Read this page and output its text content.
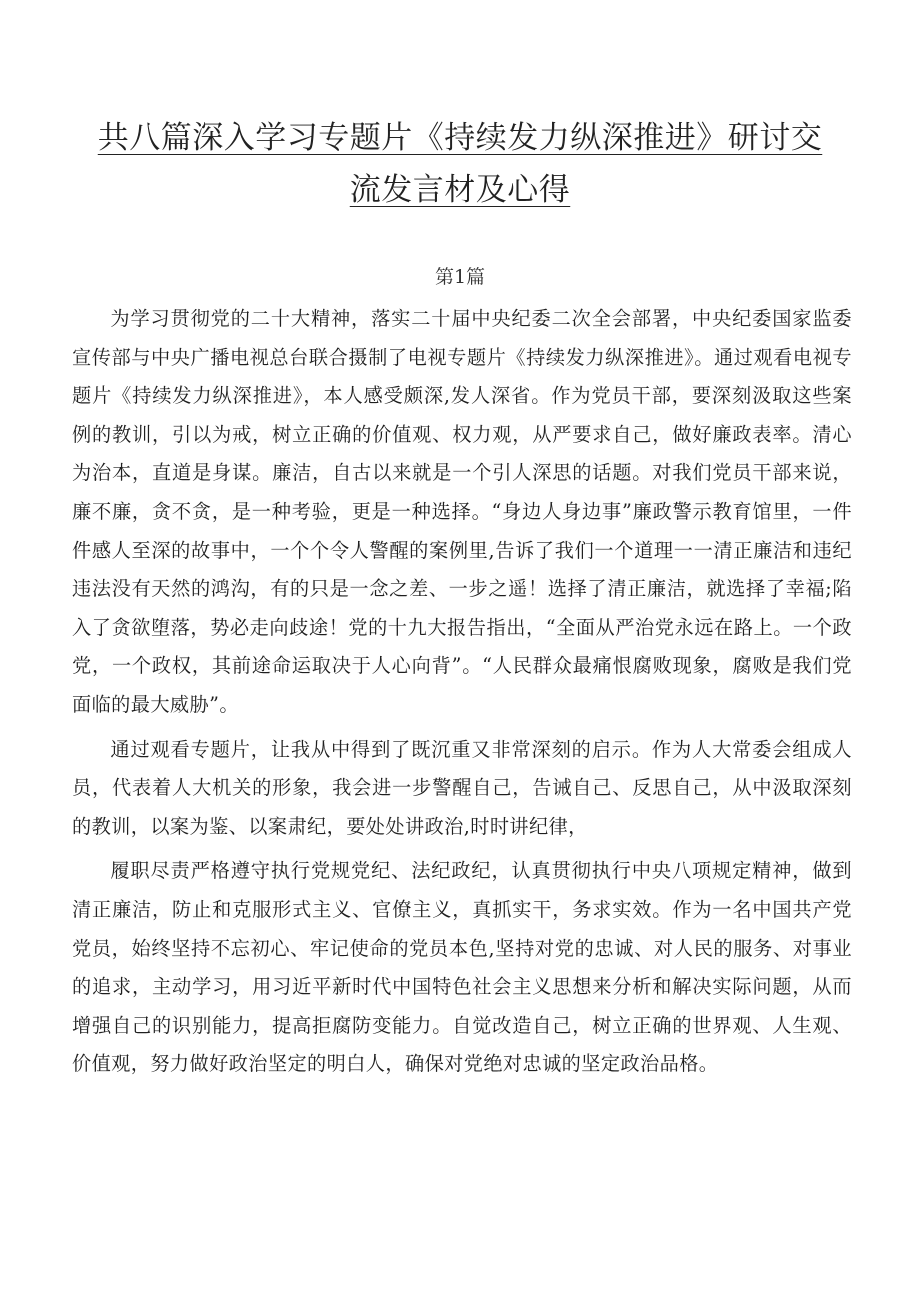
共八篇深入学习专题片《持续发力纵深推进》研讨交
流发言材及心得
第1篇

为学习贯彻党的二十大精神，落实二十届中央纪委二次全会部署，中央纪委国家监委宣传部与中央广播电视总台联合摄制了电视专题片《持续发力纵深推进》。通过观看电视专题片《持续发力纵深推进》，本人感受颇深,发人深省。作为党员干部，要深刻汲取这些案例的教训，引以为戒，树立正确的价值观、权力观，从严要求自己，做好廉政表率。清心为治本，直道是身谋。廉洁，自古以来就是一个引人深思的话题。对我们党员干部来说，廉不廉，贪不贪，是一种考验，更是一种选择。“身边人身边事”廉政警示教育馆里，一件件感人至深的故事中，一个个令人警醒的案例里,告诉了我们一个道理一一清正廉洁和违纪违法没有天然的鸿沟，有的只是一念之差、一步之遥！选择了清正廉洁，就选择了幸福;陷入了贪欲堕落，势必走向歧途！党的十九大报告指出，“全面从严治党永远在路上。一个政党，一个政权，其前途命运取决于人心向背”。“人民群众最痛恨腐败现象，腐败是我们党面临的最大威胁”。

通过观看专题片，让我从中得到了既沉重又非常深刻的启示。作为人大常委会组成人员，代表着人大机关的形象，我会进一步警醒自己，告诫自己、反思自己，从中汲取深刻的教训，以案为鉴、以案肃纪，要处处讲政治,时时讲纪律，

履职尽责严格遵守执行党规党纪、法纪政纪，认真贯彻执行中央八项规定精神，做到清正廉洁，防止和克服形式主义、官僚主义，真抓实干，务求实效。作为一名中国共产党党员，始终坚持不忘初心、牢记使命的党员本色,坚持对党的忠诚、对人民的服务、对事业的追求，主动学习，用习近平新时代中国特色社会主义思想来分析和解决实际问题，从而增强自己的识别能力，提高拒腐防变能力。自觉改造自己，树立正确的世界观、人生观、价值观，努力做好政治坚定的明白人，确保对党绝对忠诚的坚定政治品格。
